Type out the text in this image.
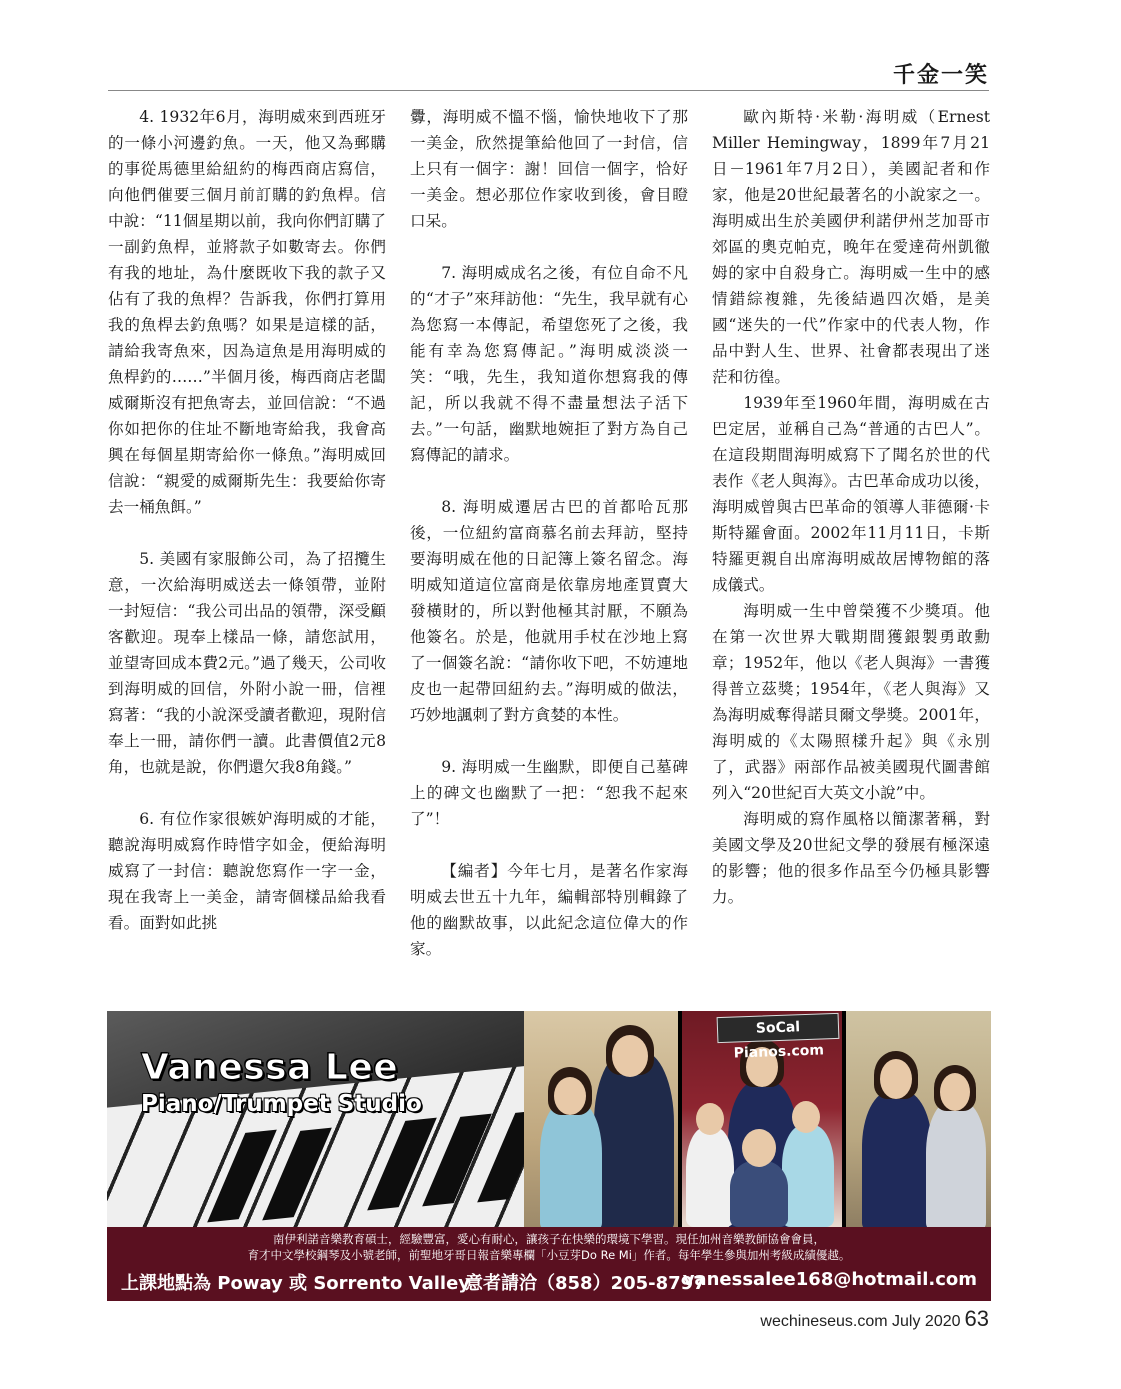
千金一笑

4. 1932年6月，海明威來到西班牙的一條小河邊釣魚。一天，他又為郵購的事從馬德里給紐約的梅西商店寫信，向他們催要三個月前訂購的釣魚桿。信中說：“11個星期以前，我向你們訂購了一副釣魚桿，並將款子如數寄去。你們有我的地址，為什麼既收下我的款子又佔有了我的魚桿？告訴我，你們打算用我的魚桿去釣魚嗎？如果是這樣的話，請給我寄魚來，因為這魚是用海明威的魚桿釣的……”半個月後，梅西商店老闆威爾斯沒有把魚寄去，並回信說：“不過你如把你的住址不斷地寄給我，我會高興在每個星期寄給你一條魚。”海明威回信說：“親愛的威爾斯先生：我要給你寄去一桶魚餌。”

5. 美國有家服飾公司，為了招攬生意，一次給海明威送去一條領帶，並附一封短信：“我公司出品的領帶，深受顧客歡迎。現奉上樣品一條，請您試用，並望寄回成本費2元。”過了幾天，公司收到海明威的回信，外附小說一冊，信裡寫著：“我的小說深受讀者歡迎，現附信奉上一冊，請你們一讀。此書價值2元8角，也就是說，你們還欠我8角錢。”

6. 有位作家很嫉妒海明威的才能，聽說海明威寫作時惜字如金，便給海明威寫了一封信：聽說您寫作一字一金，現在我寄上一美金，請寄個樣品給我看看。面對如此挑

釁，海明威不慍不惱，愉快地收下了那一美金，欣然提筆給他回了一封信，信上只有一個字：謝！回信一個字，恰好一美金。想必那位作家收到後，會目瞪口呆。

7. 海明威成名之後，有位自命不凡的“才子”來拜訪他：“先生，我早就有心為您寫一本傳記，希望您死了之後，我能有幸為您寫傳記。”海明威淡淡一笑：“哦，先生，我知道你想寫我的傳記，所以我就不得不盡量想法子活下去。”一句話，幽默地婉拒了對方為自己寫傳記的請求。

8. 海明威遷居古巴的首都哈瓦那後，一位紐約富商慕名前去拜訪，堅持要海明威在他的日記簿上簽名留念。海明威知道這位富商是依靠房地產買賣大發橫財的，所以對他極其討厭，不願為他簽名。於是，他就用手杖在沙地上寫了一個簽名說：“請你收下吧，不妨連地皮也一起帶回紐約去。”海明威的做法，巧妙地諷刺了對方貪婪的本性。

9. 海明威一生幽默，即便自己墓碑上的碑文也幽默了一把：“恕我不起來了”！

【編者】今年七月，是著名作家海明威去世五十九年，編輯部特別輯錄了他的幽默故事，以此紀念這位偉大的作家。

歐內斯特·米勒·海明威（Ernest Miller Hemingway，1899年7月21日－1961年7月2日），美國記者和作家，他是20世紀最著名的小說家之一。海明威出生於美國伊利諾伊州芝加哥市郊區的奧克帕克，晚年在愛達荷州凱徹姆的家中自殺身亡。海明威一生中的感情錯綜複雜，先後結過四次婚，是美國“迷失的一代”作家中的代表人物，作品中對人生、世界、社會都表現出了迷茫和彷徨。

1939年至1960年間，海明威在古巴定居，並稱自己為“普通的古巴人”。在這段期間海明威寫下了聞名於世的代表作《老人與海》。古巴革命成功以後，海明威曾與古巴革命的領導人菲德爾·卡斯特羅會面。2002年11月11日，卡斯特羅更親自出席海明威故居博物館的落成儀式。

海明威一生中曾榮獲不少獎項。他在第一次世界大戰期間獲銀製勇敢勳章；1952年，他以《老人與海》一書獲得普立茲獎；1954年，《老人與海》又為海明威奪得諾貝爾文學獎。2001年，海明威的《太陽照樣升起》與《永別了，武器》兩部作品被美國現代圖書館列入“20世紀百大英文小說”中。

海明威的寫作風格以簡潔著稱，對美國文學及20世紀文學的發展有極深遠的影響；他的很多作品至今仍極具影響力。

Vanessa Lee
Piano/Trumpet Studio
SoCal Pianos.com
南伊利諾音樂教育碩士，經驗豐富，愛心有耐心，讓孩子在快樂的環境下學習。現任加州音樂教師協會會員，
育才中文學校鋼琴及小號老師，前聖地牙哥日報音樂專欄「小豆芽Do Re Mi」作者。每年學生參與加州考級成績優越。
上課地點為 Poway 或 Sorrento Valley
意者請洽（858）205-8797
vanessalee168@hotmail.com
wechineseus.com July 2020 63
